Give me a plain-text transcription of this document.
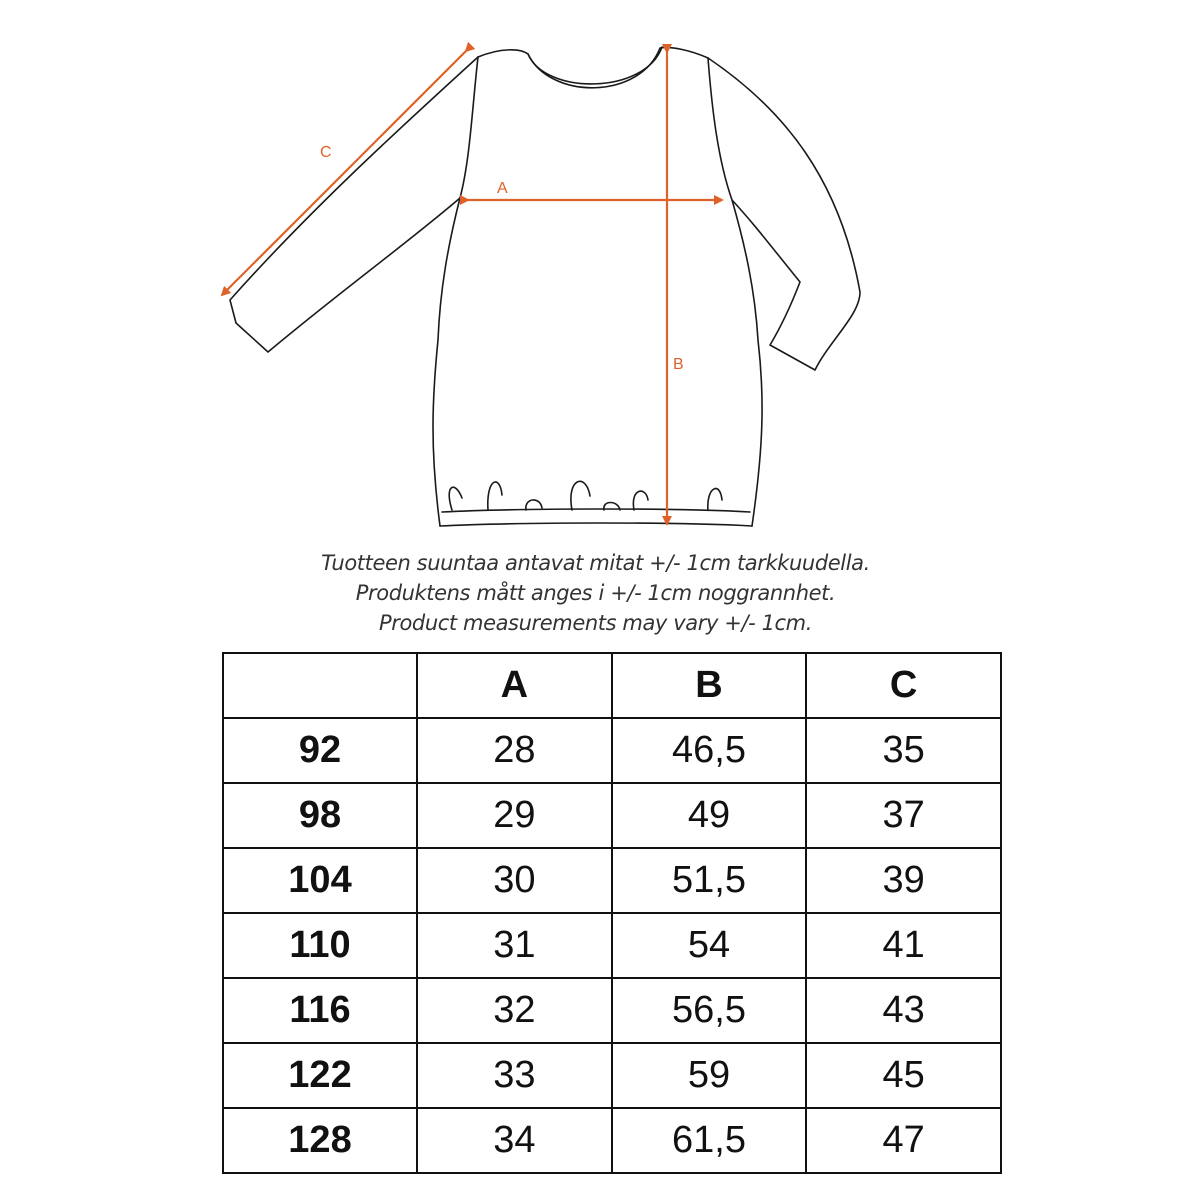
C
A
B
Tuotteen suuntaa antavat mitat +/- 1cm tarkkuudella.
Produktens mått anges i +/- 1cm noggrannhet.
Product measurements may vary +/- 1cm.
	A	B	C
92	28	46,5	35
98	29	49	37
104	30	51,5	39
110	31	54	41
116	32	56,5	43
122	33	59	45
128	34	61,5	47
